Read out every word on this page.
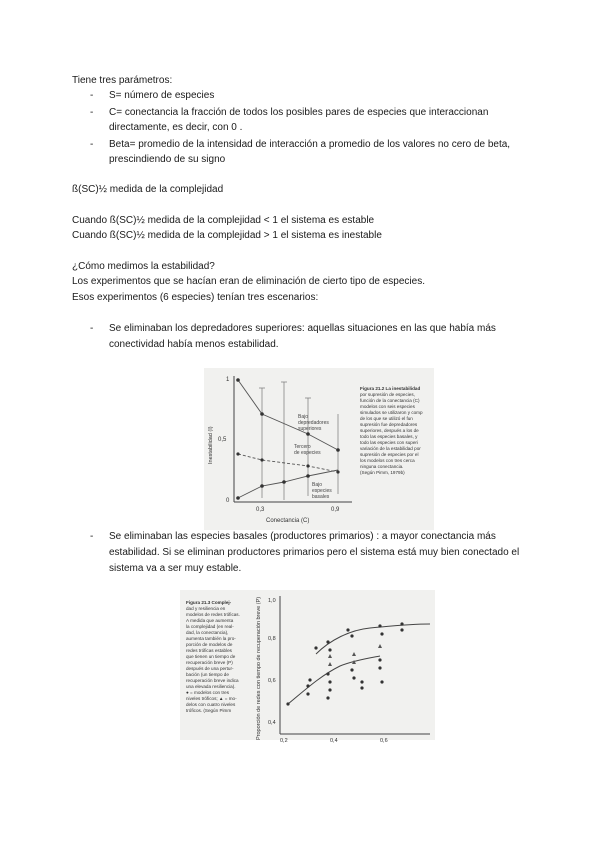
Tiene tres parámetros:
- S= número de especies
- C= conectancia la fracción de todos los posibles pares de especies que interaccionan
directamente, es decir, con 0 .
- Beta= promedio de la intensidad de interacción a promedio de los valores no cero de beta,
prescindiendo de su signo
ß(SC)½ medida de la complejidad
Cuando ß(SC)½ medida de la complejidad < 1 el sistema es estable
Cuando ß(SC)½ medida de la complejidad > 1 el sistema es inestable
¿Cómo medimos la estabilidad?
Los experimentos que se hacían eran de eliminación de cierto tipo de especies.
Esos experimentos (6 especies) tenían tres escenarios:
- Se eliminaban los depredadores superiores: aquellas situaciones en las que había más
conectividad había menos estabilidad.
1
0,5
0
0,3	0,9
Conectancia (C)
Inestabilidad (I)
Bajo
depredadores
superiores
Tercero
de especies
Bajo
especies
basales
Figura 21.2 La inestabilidad
por supresión de especies,
función de la conectancia (C)
modelos con seis especies
simulados se utilizaron y comp
de los que se utilizó el fun
supresión fue depredadores
superiores, después a los de
todo las especies basales, y
todo las especies con superi
variación de la estabilidad por
supresión de especies por el
los modelos con tres cerca
ninguna conectancia.
(Según Pimm, 1979b)
- Se eliminaban las especies basales (productores primarios) : a mayor conectancia más
estabilidad. Si se eliminan productores primarios pero el sistema está muy bien conectado el
sistema va a ser muy estable.
Figura 21.3 Complej-
dad y resiliencia en
modelos de redes tróficas.
A medida que aumenta
la complejidad (en real-
dad, la conectancia),
aumenta también la pro-
porción de modelos de
redes tróficas estables
que tienen un tiempo de
recuperación breve (P)
después de una pertur-
bación (un tiempo de
recuperación breve indica
una elevada resiliencia).
● = modelos con tres
niveles tróficos; ▲ = mo-
delos con cuatro niveles
tróficos. (Según Pimm
1,0
0,8
0,6
0,4
Proporción de redes con tiempo de recuperación breve (P)
0,2	0,4	0,6
